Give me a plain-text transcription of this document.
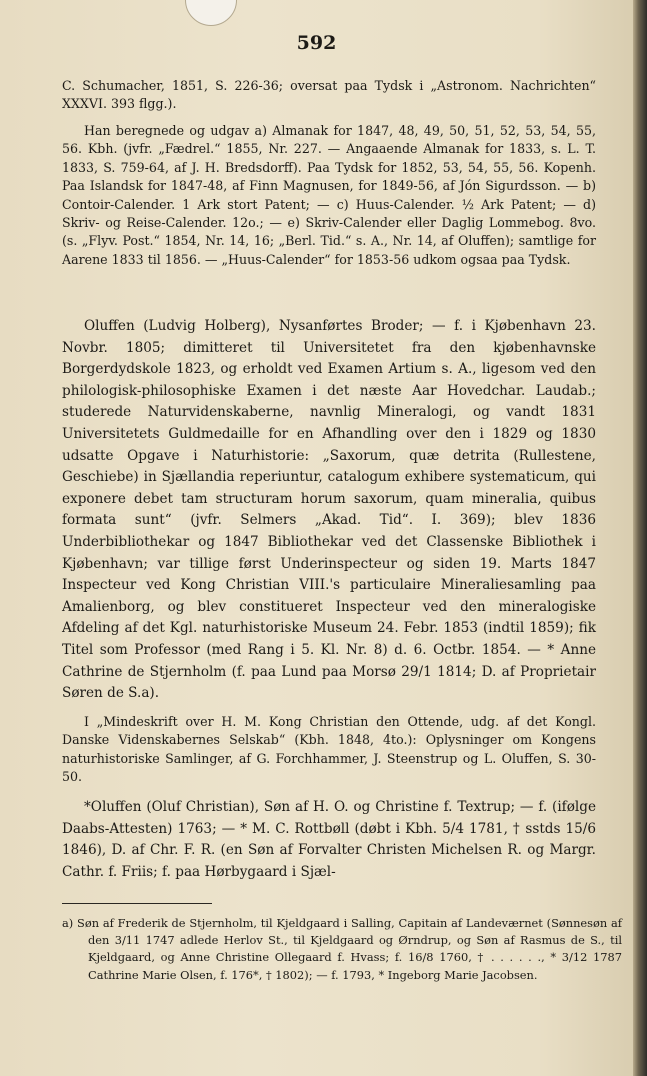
592

C. Schumacher, 1851, S. 226-36; oversat paa Tydsk i „Astronom. Nachrichten“ XXXVI. 393 flgg.).

Han beregnede og udgav a) Almanak for 1847, 48, 49, 50, 51, 52, 53, 54, 55, 56. Kbh. (jvfr. „Fædrel.“ 1855, Nr. 227. — Angaaende Almanak for 1833, s. L. T. 1833, S. 759-64, af J. H. Bredsdorff). Paa Tydsk for 1852, 53, 54, 55, 56. Kopenh. Paa Islandsk for 1847-48, af Finn Magnusen, for 1849-56, af Jón Sigurdsson. — b) Contoir-Calender. 1 Ark stort Patent; — c) Huus-Calender. ½ Ark Patent; — d) Skriv- og Reise-Calender. 12o.; — e) Skriv-Calender eller Daglig Lommebog. 8vo. (s. „Flyv. Post.“ 1854, Nr. 14, 16; „Berl. Tid.“ s. A., Nr. 14, af Oluffen); samtlige for Aarene 1833 til 1856. — „Huus-Calender“ for 1853-56 udkom ogsaa paa Tydsk.

Oluffen (Ludvig Holberg), Nysanførtes Broder; — f. i Kjøbenhavn 23. Novbr. 1805; dimitteret til Universitetet fra den kjøbenhavnske Borgerdydskole 1823, og erholdt ved Examen Artium s. A., ligesom ved den philologisk-philosophiske Examen i det næste Aar Hovedchar. Laudab.; studerede Naturvidenskaberne, navnlig Mineralogi, og vandt 1831 Universitetets Guldmedaille for en Afhandling over den i 1829 og 1830 udsatte Opgave i Naturhistorie: „Saxorum, quæ detrita (Rullestene, Geschiebe) in Sjællandia reperiuntur, catalogum exhibere systematicum, qui exponere debet tam structuram horum saxorum, quam mineralia, quibus formata sunt“ (jvfr. Selmers „Akad. Tid“. I. 369); blev 1836 Underbibliothekar og 1847 Bibliothekar ved det Classenske Bibliothek i Kjøbenhavn; var tillige først Underinspecteur og siden 19. Marts 1847 Inspecteur ved Kong Christian VIII.'s particulaire Mineraliesamling paa Amalienborg, og blev constitueret Inspecteur ved den mineralogiske Afdeling af det Kgl. naturhistoriske Museum 24. Febr. 1853 (indtil 1859); fik Titel som Professor (med Rang i 5. Kl. Nr. 8) d. 6. Octbr. 1854. — * Anne Cathrine de Stjernholm (f. paa Lund paa Morsø 29/1 1814; D. af Proprietair Søren de S.a).

I „Mindeskrift over H. M. Kong Christian den Ottende, udg. af det Kongl. Danske Videnskabernes Selskab“ (Kbh. 1848, 4to.): Oplysninger om Kongens naturhistoriske Samlinger, af G. Forchhammer, J. Steenstrup og L. Oluffen, S. 30-50.

*Oluffen (Oluf Christian), Søn af H. O. og Christine f. Textrup; — f. (ifølge Daabs-Attesten) 1763; — * M. C. Rottbøll (døbt i Kbh. 5/4 1781, † sstds 15/6 1846), D. af Chr. F. R. (en Søn af Forvalter Christen Michelsen R. og Margr. Cathr. f. Friis; f. paa Hørbygaard i Sjæl-

a) Søn af Frederik de Stjernholm, til Kjeldgaard i Salling, Capitain af Landeværnet (Sønnesøn af den 3/11 1747 adlede Herlov St., til Kjeldgaard og Ørndrup, og Søn af Rasmus de S., til Kjeldgaard, og Anne Christine Ollegaard f. Hvass; f. 16/8 1760, † . . . . . ., * 3/12 1787 Cathrine Marie Olsen, f. 176*, † 1802); — f. 1793, * Ingeborg Marie Jacobsen.
